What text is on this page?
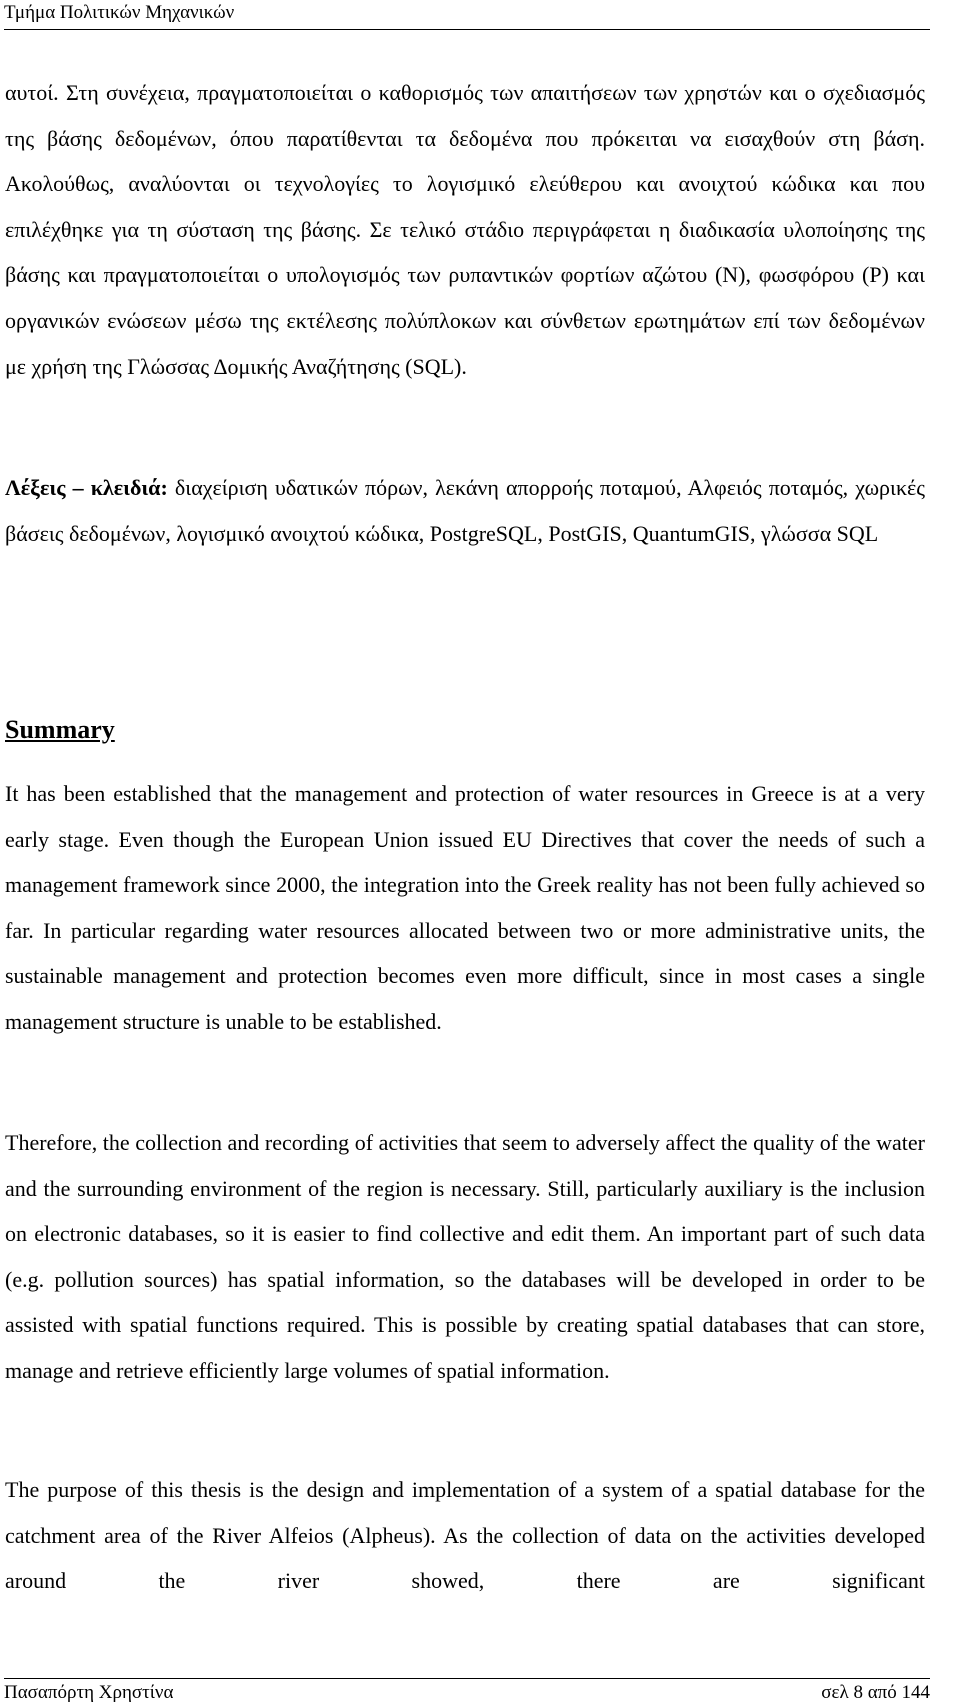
Τμήμα Πολιτικών Μηχανικών
αυτοί. Στη συνέχεια, πραγματοποιείται ο καθορισμός των απαιτήσεων των χρηστών και ο σχεδιασμός της βάσης δεδομένων, όπου παρατίθενται τα δεδομένα που πρόκειται να εισαχθούν στη βάση. Ακολούθως, αναλύονται οι τεχνολογίες το λογισμικό ελεύθερου και ανοιχτού κώδικα και που επιλέχθηκε για τη σύσταση της βάσης. Σε τελικό στάδιο περιγράφεται η διαδικασία υλοποίησης της βάσης και πραγματοποιείται ο υπολογισμός των ρυπαντικών φορτίων αζώτου (N), φωσφόρου (P) και οργανικών ενώσεων μέσω της εκτέλεσης πολύπλοκων και σύνθετων ερωτημάτων επί των δεδομένων με χρήση της Γλώσσας Δομικής Αναζήτησης (SQL).
Λέξεις – κλειδιά: διαχείριση υδατικών πόρων, λεκάνη απορροής ποταμού, Αλφειός ποταμός, χωρικές βάσεις δεδομένων, λογισμικό ανοιχτού κώδικα, PostgreSQL, PostGIS, QuantumGIS, γλώσσα SQL
Summary
It has been established that the management and protection of water resources in Greece is at a very early stage. Even though the European Union issued EU Directives that cover the needs of such a management framework since 2000, the integration into the Greek reality has not been fully achieved so far. In particular regarding water resources allocated between two or more administrative units, the sustainable management and protection becomes even more difficult, since in most cases a single management structure is unable to be established.
Therefore, the collection and recording of activities that seem to adversely affect the quality of the water and the surrounding environment of the region is necessary. Still, particularly auxiliary is the inclusion on electronic databases, so it is easier to find collective and edit them. An important part of such data (e.g. pollution sources) has spatial information, so the databases will be developed in order to be assisted with spatial functions required. This is possible by creating spatial databases that can store, manage and retrieve efficiently large volumes of spatial information.
The purpose of this thesis is the design and implementation of a system of a spatial database for the catchment area of the River Alfeios (Alpheus). As the collection of data on the activities developed around the river showed, there are significant
Πασαπόρτη Χρηστίνα	σελ 8 από 144
